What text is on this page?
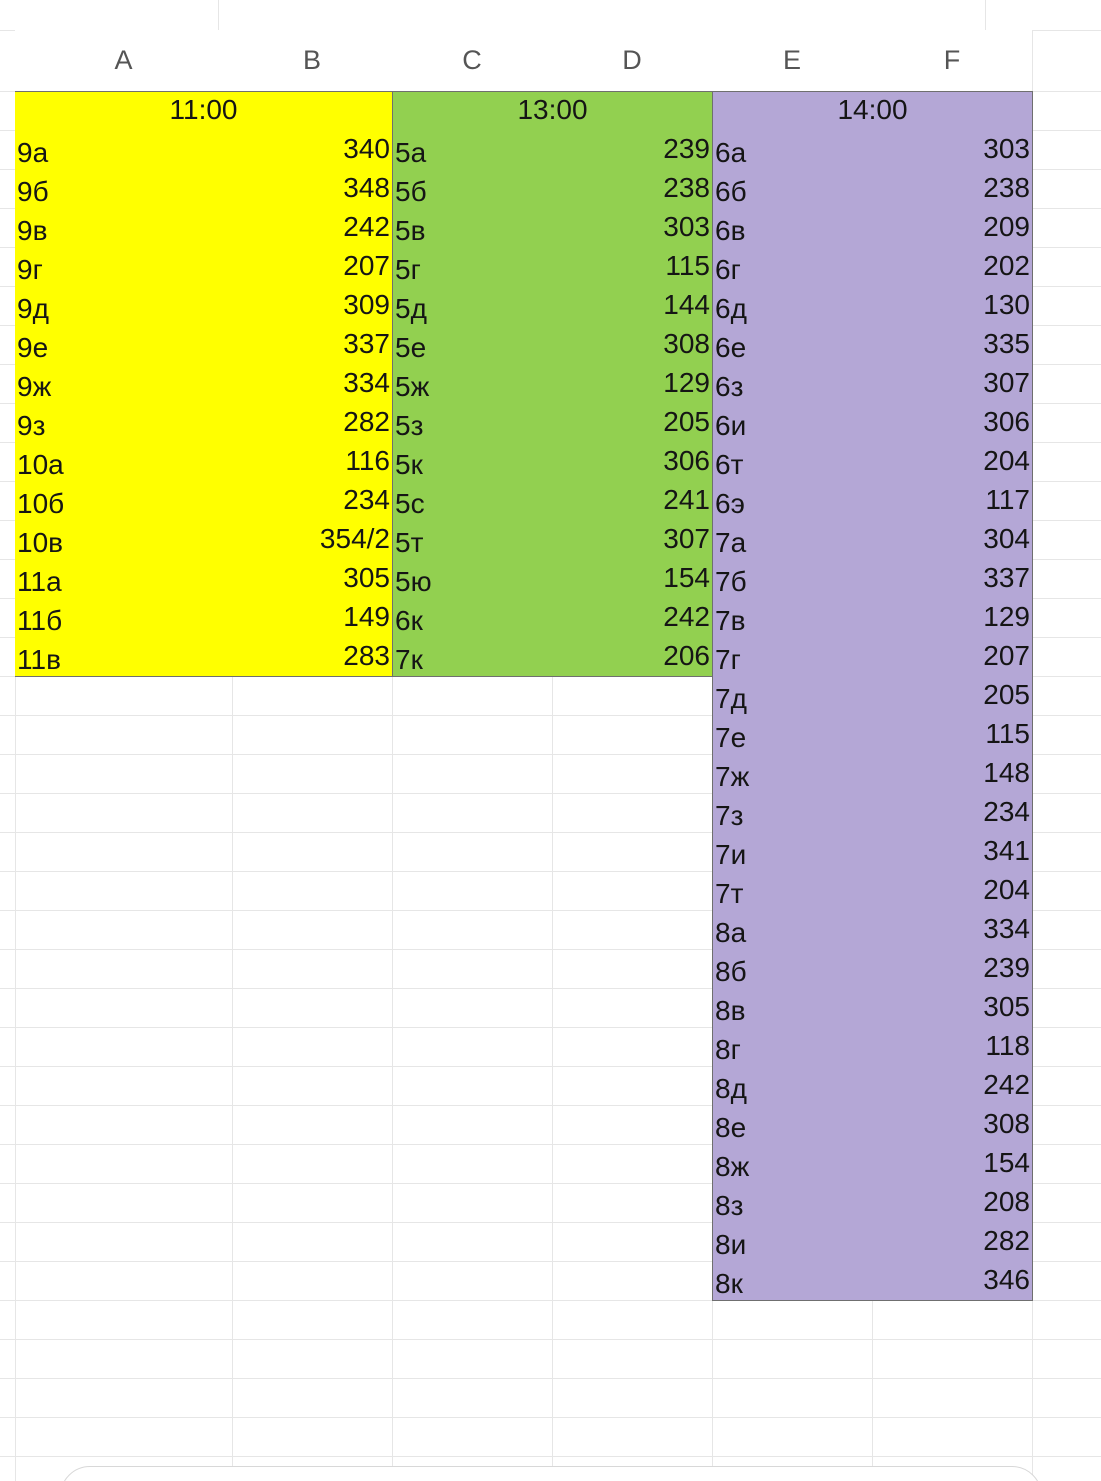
A	B	C	D	E	F
11:00
9а	340
9б	348
9в	242
9г	207
9д	309
9е	337
9ж	334
9з	282
10а	116
10б	234
10в	354/2
11а	305
11б	149
11в	283
13:00
5а	239
5б	238
5в	303
5г	115
5д	144
5е	308
5ж	129
5з	205
5к	306
5с	241
5т	307
5ю	154
6к	242
7к	206
14:00
6а	303
6б	238
6в	209
6г	202
6д	130
6е	335
6з	307
6и	306
6т	204
6э	117
7а	304
7б	337
7в	129
7г	207
7д	205
7е	115
7ж	148
7з	234
7и	341
7т	204
8а	334
8б	239
8в	305
8г	118
8д	242
8е	308
8ж	154
8з	208
8и	282
8к	346
